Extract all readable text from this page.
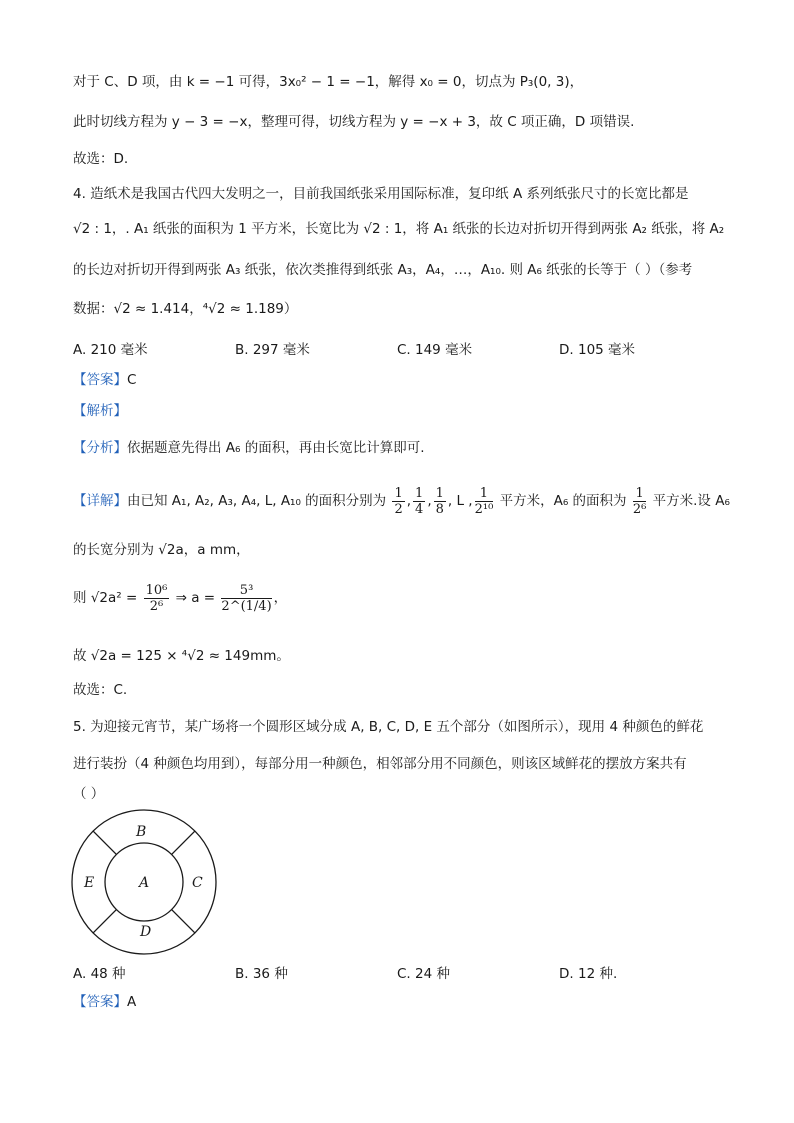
对于 C、D 项，由 k = −1 可得，3x₀² − 1 = −1，解得 x₀ = 0，切点为 P₃(0, 3)，
此时切线方程为 y − 3 = −x，整理可得，切线方程为 y = −x + 3，故 C 项正确，D 项错误.
故选：D.
4. 造纸术是我国古代四大发明之一，目前我国纸张采用国际标准，复印纸 A 系列纸张尺寸的长宽比都是
√2 : 1，. A₁ 纸张的面积为 1 平方米，长宽比为 √2 : 1，将 A₁ 纸张的长边对折切开得到两张 A₂ 纸张，将 A₂
的长边对折切开得到两张 A₃ 纸张，依次类推得到纸张 A₃，A₄，…，A₁₀. 则 A₆ 纸张的长等于（ ）（参考
数据：√2 ≈ 1.414，⁴√2 ≈ 1.189）
A. 210 毫米	B. 297 毫米	C. 149 毫米	D. 105 毫米
【答案】C
【解析】
【分析】依据题意先得出 A₆ 的面积，再由长宽比计算即可.
【详解】由已知 A₁, A₂, A₃, A₄, L, A₁₀ 的面积分别为 $\frac{1}{2}$ , $\frac{1}{4}$ , $\frac{1}{8}$ , L , $\frac{1}{\text{2¹⁰}}$ 平方米，A₆ 的面积为 $\frac{1}{\text{2⁶}}$ 平方米.设 A₆
的长宽分别为 √2a，a mm，
则 $√2a^2 = \frac{\text{10⁶}}{\text{2⁶}}$ ⇒ $a = \frac{\text{5³}}{2\^{}(1/4)}$ ，
故 √2a = 125 × ⁴√2 ≈ 149mm。
故选：C.
5. 为迎接元宵节，某广场将一个圆形区域分成 A, B, C, D, E 五个部分（如图所示），现用 4 种颜色的鲜花
进行装扮（4 种颜色均用到），每部分用一种颜色，相邻部分用不同颜色，则该区域鲜花的摆放方案共有
（ ）
A
B
C
D
E
A. 48 种	B. 36 种	C. 24 种	D. 12 种.
【答案】A
